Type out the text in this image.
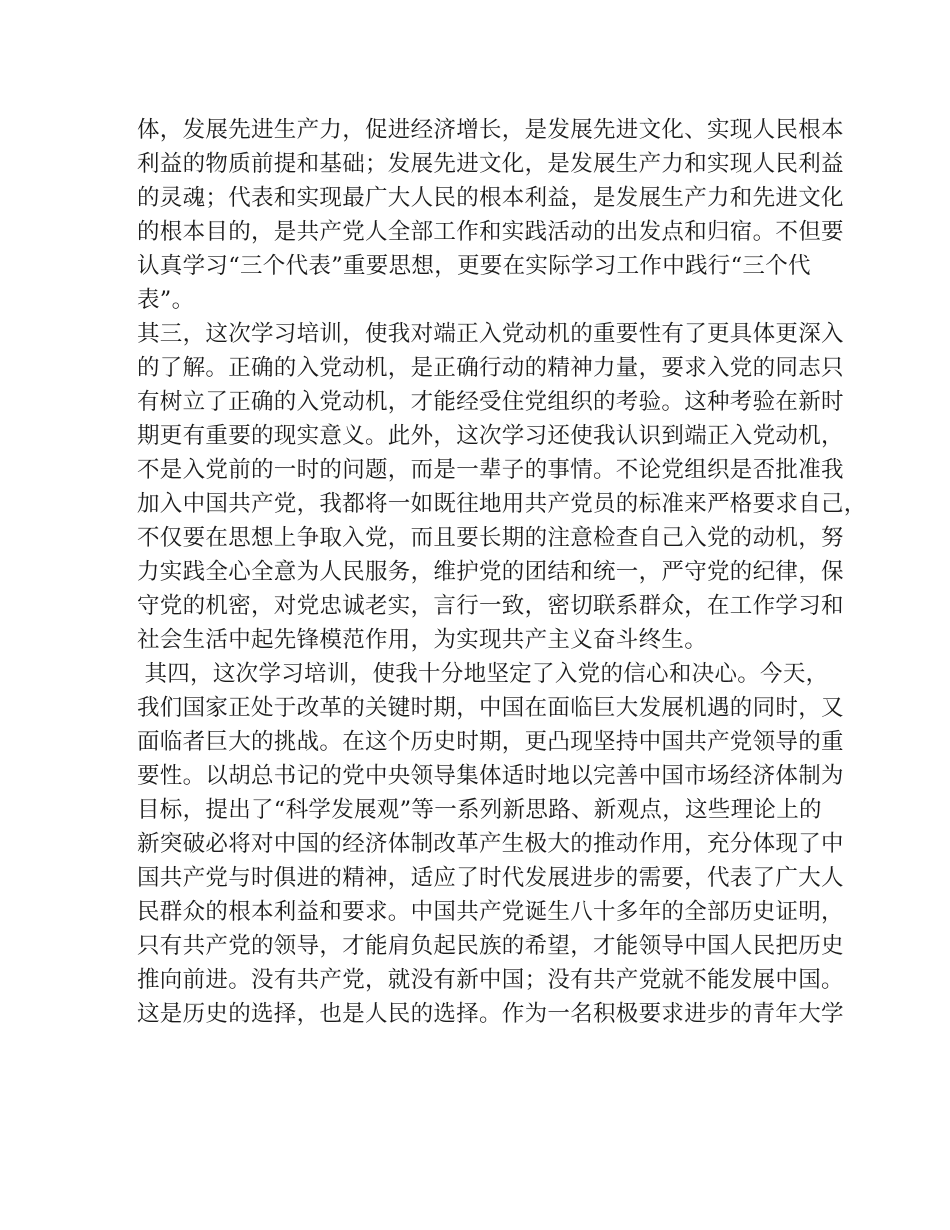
体，发展先进生产力，促进经济增长，是发展先进文化、实现人民根本
利益的物质前提和基础；发展先进文化，是发展生产力和实现人民利益
的灵魂；代表和实现最广大人民的根本利益，是发展生产力和先进文化
的根本目的，是共产党人全部工作和实践活动的出发点和归宿。不但要
认真学习“三个代表”重要思想，更要在实际学习工作中践行“三个代
表”。
其三，这次学习培训，使我对端正入党动机的重要性有了更具体更深入
的了解。正确的入党动机，是正确行动的精神力量，要求入党的同志只
有树立了正确的入党动机，才能经受住党组织的考验。这种考验在新时
期更有重要的现实意义。此外，这次学习还使我认识到端正入党动机，
不是入党前的一时的问题，而是一辈子的事情。不论党组织是否批准我
加入中国共产党，我都将一如既往地用共产党员的标准来严格要求自己，
不仅要在思想上争取入党，而且要长期的注意检查自己入党的动机，努
力实践全心全意为人民服务，维护党的团结和统一，严守党的纪律，保
守党的机密，对党忠诚老实，言行一致，密切联系群众，在工作学习和
社会生活中起先锋模范作用，为实现共产主义奋斗终生。
其四，这次学习培训，使我十分地坚定了入党的信心和决心。今天，
我们国家正处于改革的关键时期，中国在面临巨大发展机遇的同时，又
面临者巨大的挑战。在这个历史时期，更凸现坚持中国共产党领导的重
要性。以胡总书记的党中央领导集体适时地以完善中国市场经济体制为
目标，提出了“科学发展观”等一系列新思路、新观点，这些理论上的
新突破必将对中国的经济体制改革产生极大的推动作用，充分体现了中
国共产党与时俱进的精神，适应了时代发展进步的需要，代表了广大人
民群众的根本利益和要求。中国共产党诞生八十多年的全部历史证明，
只有共产党的领导，才能肩负起民族的希望，才能领导中国人民把历史
推向前进。没有共产党，就没有新中国；没有共产党就不能发展中国。
这是历史的选择，也是人民的选择。作为一名积极要求进步的青年大学
